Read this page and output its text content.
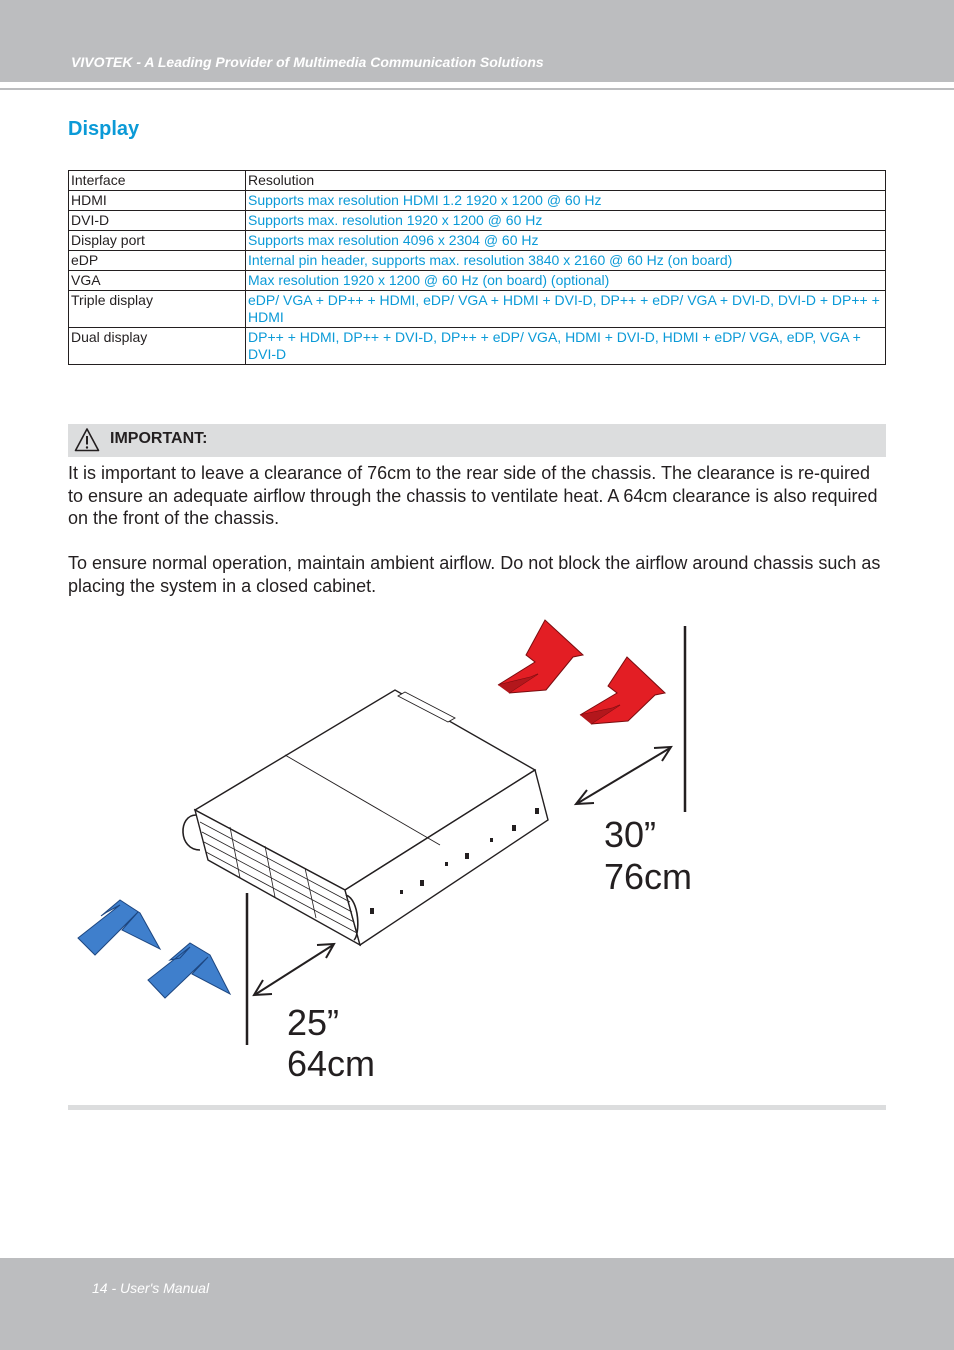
VIVOTEK - A Leading Provider of Multimedia Communication Solutions
Display
Interface	Resolution
HDMI	Supports max resolution HDMI 1.2 1920 x 1200 @ 60 Hz
DVI-D	Supports max. resolution 1920 x 1200 @ 60 Hz
Display port	Supports max resolution 4096 x 2304 @ 60 Hz
eDP	Internal pin header, supports max. resolution 3840 x 2160 @ 60 Hz (on board)
VGA	Max resolution 1920 x 1200 @ 60 Hz (on board) (optional)
Triple display	eDP/ VGA + DP++ + HDMI, eDP/ VGA + HDMI + DVI-D, DP++ + eDP/ VGA + DVI-D, DVI-D + DP++ + HDMI
Dual display	DP++ + HDMI, DP++ + DVI-D, DP++ + eDP/ VGA, HDMI + DVI-D, HDMI + eDP/ VGA, eDP, VGA + DVI-D
IMPORTANT:

It is important to leave a clearance of 76cm to the rear side of the chassis. The clearance is re-quired to ensure an adequate airflow through the chassis to ventilate heat. A 64cm clearance is also required on the front of the chassis.

To ensure normal operation, maintain ambient airflow. Do not block the airflow around chassis such as placing the system in a closed cabinet.

30”
76cm
25”
64cm
14 - User's Manual
